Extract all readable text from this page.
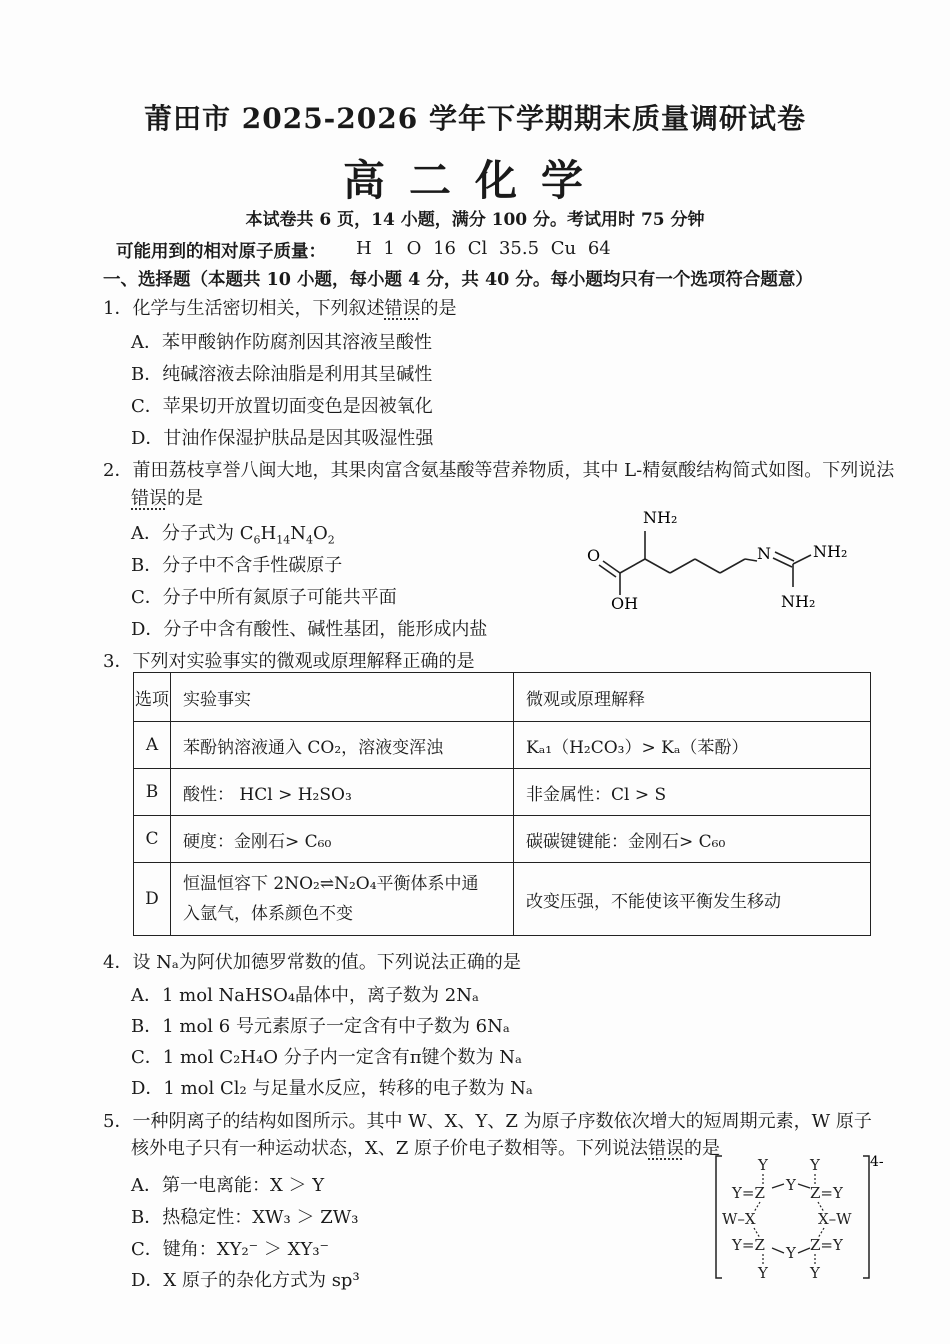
莆田市 2025-2026 学年下学期期末质量调研试卷
高二化学
本试卷共 6 页，14 小题，满分 100 分。考试用时 75 分钟
可能用到的相对原子质量： H 1 O 16 Cl 35.5 Cu 64
一、选择题（本题共 10 小题，每小题 4 分，共 40 分。每小题均只有一个选项符合题意）
1．化学与生活密切相关，下列叙述错误的是
A．苯甲酸钠作防腐剂因其溶液呈酸性
B．纯碱溶液去除油脂是利用其呈碱性
C．苹果切开放置切面变色是因被氧化
D．甘油作保湿护肤品是因其吸湿性强
2．莆田荔枝享誉八闽大地，其果肉富含氨基酸等营养物质，其中 L-精氨酸结构简式如图。下列说法
错误的是
A．分子式为 $C_6H_{14}N_4O_2$
B．分子中不含手性碳原子
C．分子中所有氮原子可能共平面
D．分子中含有酸性、碱性基团，能形成内盐
NH₂
O
OH
N	NH₂
NH₂
3．下列对实验事实的微观或原理解释正确的是
选项	实验事实	微观或原理解释
A	苯酚钠溶液通入 CO₂，溶液变浑浊	Kₐ₁（H₂CO₃）> Kₐ（苯酚）
B	酸性： HCl > H₂SO₃	非金属性：Cl > S
C	硬度：金刚石> C₆₀	碳碳键键能：金刚石> C₆₀
D	恒温恒容下 2NO₂⇌N₂O₄平衡体系中通
入氩气，体系颜色不变	改变压强，不能使该平衡发生移动
4．设 Nₐ为阿伏加德罗常数的值。下列说法正确的是
A．1 mol NaHSO₄晶体中，离子数为 2Nₐ
B．1 mol 6 号元素原子一定含有中子数为 6Nₐ
C．1 mol C₂H₄O 分子内一定含有π键个数为 Nₐ
D．1 mol Cl₂ 与足量水反应，转移的电子数为 Nₐ
5．一种阴离子的结构如图所示。其中 W、X、Y、Z 为原子序数依次增大的短周期元素，W 原子
核外电子只有一种运动状态，X、Z 原子价电子数相等。下列说法错误的是
A．第一电离能：X ＞ Y
B．热稳定性：XW₃ ＞ ZW₃
C．键角：XY₂⁻ ＞ XY₃⁻
D．X 原子的杂化方式为 sp³
Y	Y
Y=Z Y Z=Y
W–X	X–W
Y=Z Y Z=Y
Y	Y
4-
